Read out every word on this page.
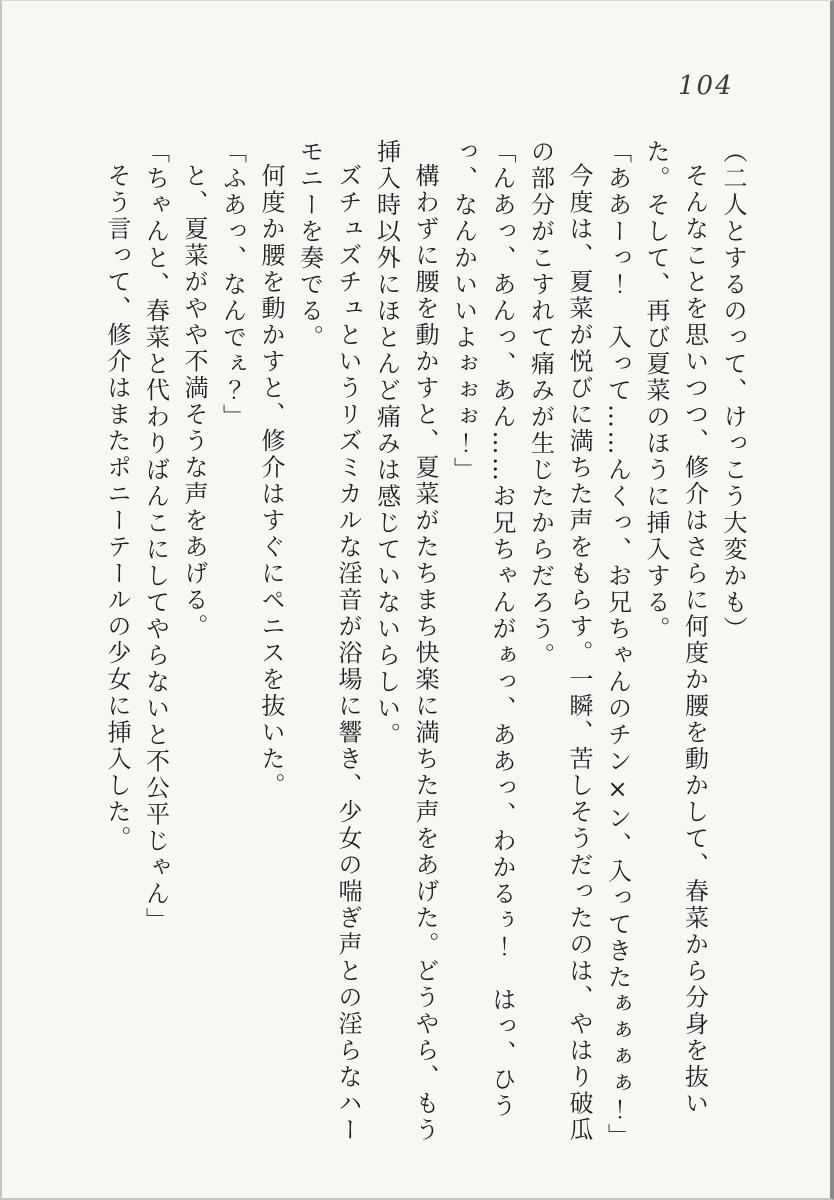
104

（二人とするのって、けっこう大変かも）

そんなことを思いつつ、修介はさらに何度か腰を動かして、春菜から分身を抜いた。そして、再び夏菜のほうに挿入する。

「ああーっ！　入って……んくっ、お兄ちゃんのチン×ン、入ってきたぁぁぁぁ！」

今度は、夏菜が悦びに満ちた声をもらす。一瞬、苦しそうだったのは、やはり破瓜の部分がこすれて痛みが生じたからだろう。

「んあっ、あんっ、あん……お兄ちゃんがぁっ、ああっ、わかるぅ！　はっ、ひうっ、なんかいいよぉぉぉ！」

構わずに腰を動かすと、夏菜がたちまち快楽に満ちた声をあげた。どうやら、もう挿入時以外にほとんど痛みは感じていないらしい。

ズチュズチュというリズミカルな淫音が浴場に響き、少女の喘ぎ声との淫らなハーモニーを奏でる。

何度か腰を動かすと、修介はすぐにペニスを抜いた。

「ふあっ、なんでぇ？」

と、夏菜がやや不満そうな声をあげる。

「ちゃんと、春菜と代わりばんこにしてやらないと不公平じゃん」

そう言って、修介はまたポニーテールの少女に挿入した。
